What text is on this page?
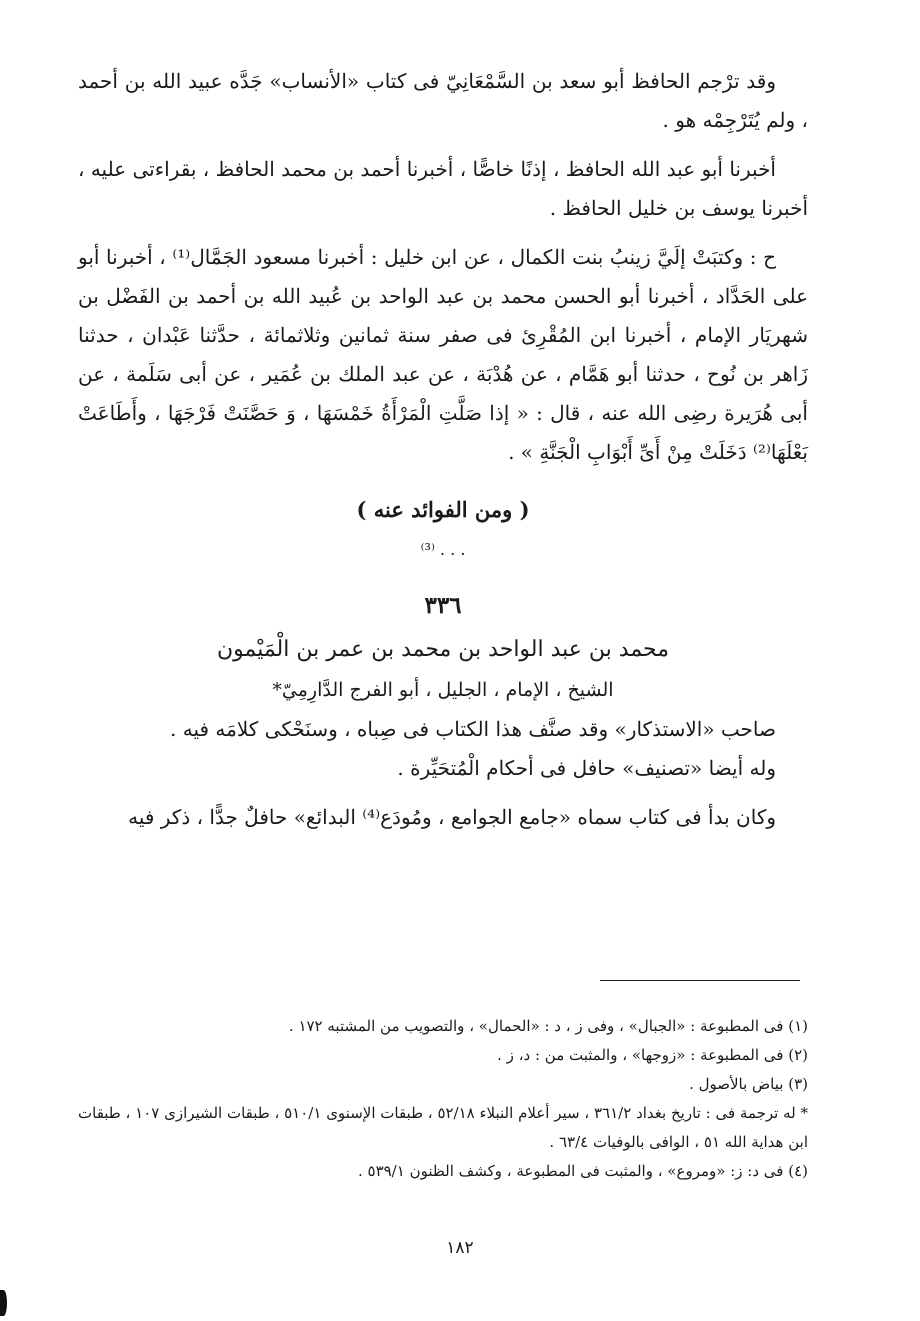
وقد ترْجم الحافظ أبو سعد بن السَّمْعَانِيّ فى كتاب «الأنساب» جَدَّه عبيد الله بن أحمد ، ولم يُتَرْجِمْه هو .

أخبرنا أبو عبد الله الحافظ ، إذنًا خاصًّا ، أخبرنا أحمد بن محمد الحافظ ، بقراءتى عليه ، أخبرنا يوسف بن خليل الحافظ .

ح : وكتبَتْ إلَيَّ زينبُ بنت الكمال ، عن ابن خليل : أخبرنا مسعود الجَمَّال⁽¹⁾ ، أخبرنا أبو على الحَدَّاد ، أخبرنا أبو الحسن محمد بن عبد الواحد بن عُبيد الله بن أحمد بن الفَضْل بن شهريَار الإمام ، أخبرنا ابن المُقْرِئ فى صفر سنة ثمانين وثلاثمائة ، حدَّثنا عَبْدان ، حدثنا زَاهر بن نُوح ، حدثنا أبو هَمَّام ، عن هُدْبَة ، عن عبد الملك بن عُمَير ، عن أبى سَلَمة ، عن أبى هُرَيرة رضِى الله عنه ، قال : « إذا صَلَّتِ الْمَرْأَةُ خَمْسَهَا ، وَ حَصَّنَتْ فَرْجَهَا ، وأَطَاعَتْ بَعْلَهَا⁽²⁾ دَخَلَتْ مِنْ أَىِّ أَبْوَابِ الْجَنَّةِ » .

( ومن الفوائد عنه )

. . . ⁽³⁾

٣٣٦

محمد بن عبد الواحد بن محمد بن عمر بن الْمَيْمون

الشيخ ، الإمام ، الجليل ، أبو الفرج الدَّارِمِيّ*

صاحب «الاستذكار» وقد صنَّف هذا الكتاب فى صِباه ، وسنَحْكى كلامَه فيه .

وله أيضا «تصنيف» حافل فى أحكام الْمُتحَيِّرة .

وكان بدأ فى كتاب سماه «جامع الجوامع ، ومُودَع⁽⁴⁾ البدائع» حافلٌ جدًّا ، ذكر فيه

(١) فى المطبوعة : «الجبال» ، وفى ز ، د : «الحمال» ، والتصويب من المشتبه ١٧٢ .

(٢) فى المطبوعة : «زوجها» ، والمثبت من : د، ز .

(٣) بياض بالأصول .

* له ترجمة فى : تاريخ بغداد ٣٦١/٢ ، سير أعلام النبلاء ٥٢/١٨ ، طبقات الإسنوى ٥١٠/١ ، طبقات الشيرازى ١٠٧ ، طبقات ابن هداية الله ٥١ ، الوافى بالوفيات ٦٣/٤ .

(٤) فى د: ز: «ومروع» ، والمثبت فى المطبوعة ، وكشف الظنون ٥٣٩/١ .

١٨٢
